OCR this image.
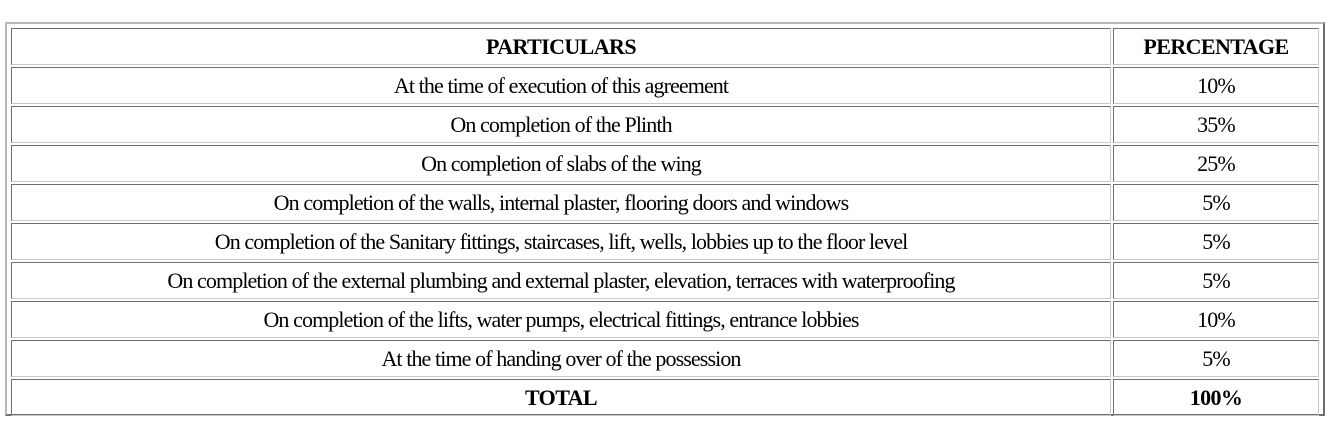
PARTICULARS	PERCENTAGE
At the time of execution of this agreement	10%
On completion of the Plinth	35%
On completion of slabs of the wing	25%
On completion of the walls, internal plaster, flooring doors and windows	5%
On completion of the Sanitary fittings, staircases, lift, wells, lobbies up to the floor level	5%
On completion of the external plumbing and external plaster, elevation, terraces with waterproofing	5%
On completion of the lifts, water pumps, electrical fittings, entrance lobbies	10%
At the time of handing over of the possession	5%
TOTAL	100%
